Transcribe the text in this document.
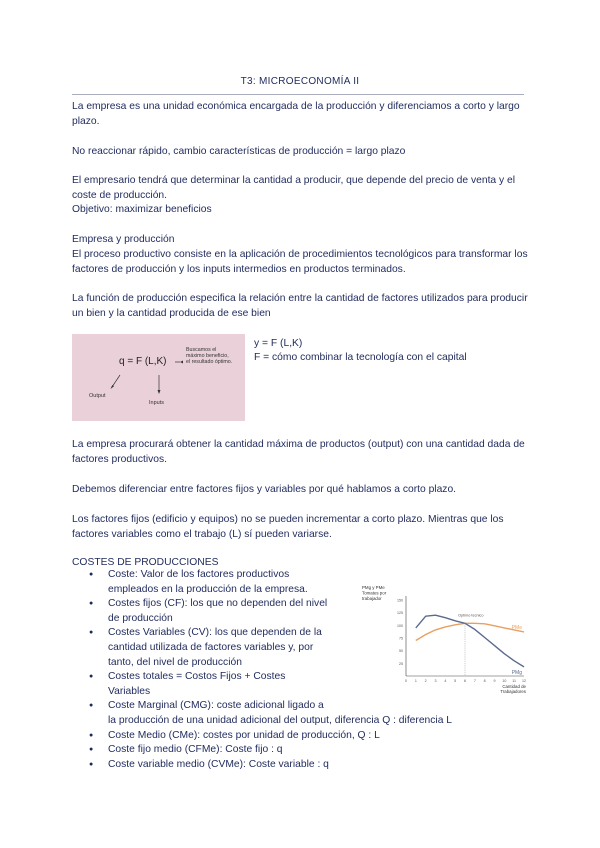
T3: MICROECONOMÍA II
La empresa es una unidad económica encargada de la producción y diferenciamos a corto y largo plazo.
No reaccionar rápido, cambio características de producción = largo plazo
El empresario tendrá que determinar la cantidad a producir, que depende del precio de venta y el coste de producción.
Objetivo: maximizar beneficios
Empresa y producción
El proceso productivo consiste en la aplicación de procedimientos tecnológicos para transformar los factores de producción y los inputs intermedios en productos terminados.
La función de producción especifica la relación entre la cantidad de factores utilizados para producir un bien y la cantidad producida de ese bien
q = F (L,K)
Buscamos el
máximo beneficio,
el resultado óptimo.
Output
Inputs
y = F (L,K)
F = cómo combinar la tecnología con el capital
La empresa procurará obtener la cantidad máxima de productos (output) con una cantidad dada de factores productivos.
Debemos diferenciar entre factores fijos y variables por qué hablamos a corto plazo.
Los factores fijos (edificio y equipos) no se pueden incrementar a corto plazo. Mientras que los factores variables como el trabajo (L) sí pueden variarse.
COSTES DE PRODUCCIONES
● Coste: Valor de los factores productivos
empleados en la producción de la empresa.
● Costes fijos (CF): los que no dependen del nivel
de producción
● Costes Variables (CV): los que dependen de la
cantidad utilizada de factores variables y, por
tanto, del nivel de producción
● Costes totales = Costos Fijos + Costes
Variables
● Coste Marginal (CMG): coste adicional ligado a
la producción de una unidad adicional del output, diferencia Q : diferencia L
● Coste Medio (CMe): costes por unidad de producción, Q : L
● Coste fijo medio (CFMe): Coste fijo : q
● Coste variable medio (CVMe): Coste variable : q
PMg y PMe
Tomates por
trabajador
25
50
75
100
125
150
0 1 2 3 4 5 6 7 8 9 10 11 12
Cantidad de
Trabajadores
PMe
PMg
Optimo técnico
